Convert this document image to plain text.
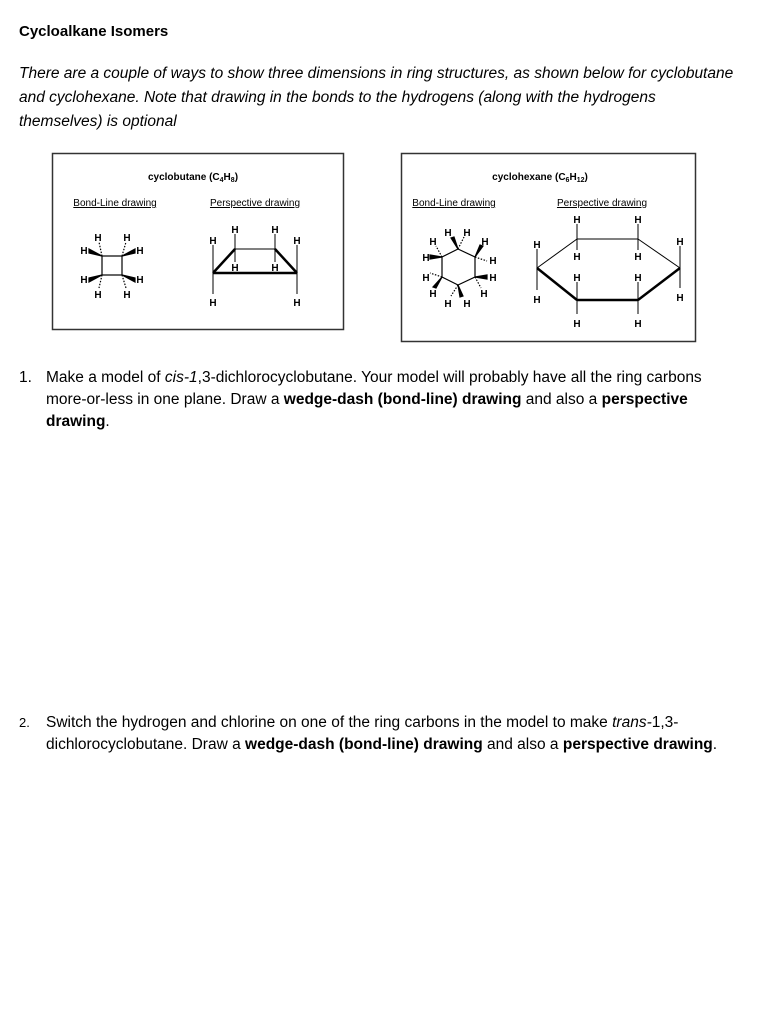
Cycloalkane Isomers

There are a couple of ways to show three dimensions in ring structures, as shown below for cyclobutane and cyclohexane. Note that drawing in the bonds to the hydrogens (along with the hydrogens themselves) is optional

cyclobutane $(C_4H_8)$
Bond-Line drawing	Perspective drawing
H H
H	H
H	H
H H
H	H
H	H
H	H
H	H
cyclohexane $(C_6H_{12})$
Bond-Line drawing	Perspective drawing
H H
H	H
H	H
H	H
H	H
H H
H	H
H	H
H	H
H	H
H
H
H
H
1. Make a model of cis-1,3-dichlorocyclobutane. Your model will probably have all the ring carbons more-or-less in one plane. Draw a wedge-dash (bond-line) drawing and also a perspective drawing.
2. Switch the hydrogen and chlorine on one of the ring carbons in the model to make trans-1,3-dichlorocyclobutane. Draw a wedge-dash (bond-line) drawing and also a perspective drawing.
